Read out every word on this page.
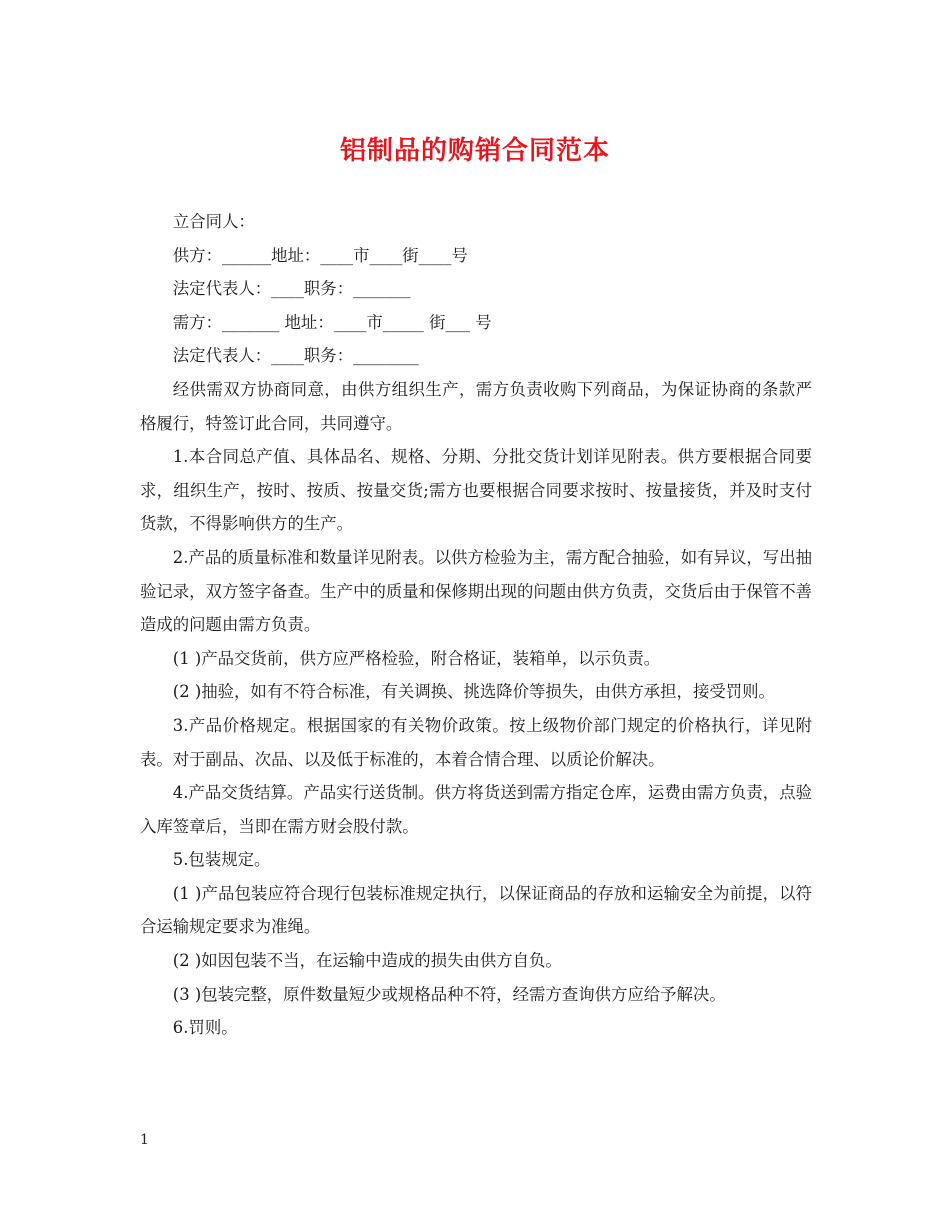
铝制品的购销合同范本

立合同人：

供方：______地址：____市____街____号

法定代表人：____职务：_______

需方：_______ 地址：____市_____ 街___ 号

法定代表人：____职务：________

经供需双方协商同意，由供方组织生产，需方负责收购下列商品，为保证协商的条款严格履行，特签订此合同，共同遵守。

1.本合同总产值、具体品名、规格、分期、分批交货计划详见附表。供方要根据合同要求，组织生产，按时、按质、按量交货;需方也要根据合同要求按时、按量接货，并及时支付货款，不得影响供方的生产。

2.产品的质量标准和数量详见附表。以供方检验为主，需方配合抽验，如有异议，写出抽验记录，双方签字备查。生产中的质量和保修期出现的问题由供方负责，交货后由于保管不善造成的问题由需方负责。

(1 )产品交货前，供方应严格检验，附合格证，装箱单，以示负责。

(2 )抽验，如有不符合标准，有关调换、挑选降价等损失，由供方承担，接受罚则。

3.产品价格规定。根据国家的有关物价政策。按上级物价部门规定的价格执行，详见附表。对于副品、次品、以及低于标准的，本着合情合理、以质论价解决。

4.产品交货结算。产品实行送货制。供方将货送到需方指定仓库，运费由需方负责，点验入库签章后，当即在需方财会股付款。

5.包装规定。

(1 )产品包装应符合现行包装标准规定执行，以保证商品的存放和运输安全为前提，以符合运输规定要求为准绳。

(2 )如因包装不当，在运输中造成的损失由供方自负。

(3 )包装完整，原件数量短少或规格品种不符，经需方查询供方应给予解决。

6.罚则。

1
